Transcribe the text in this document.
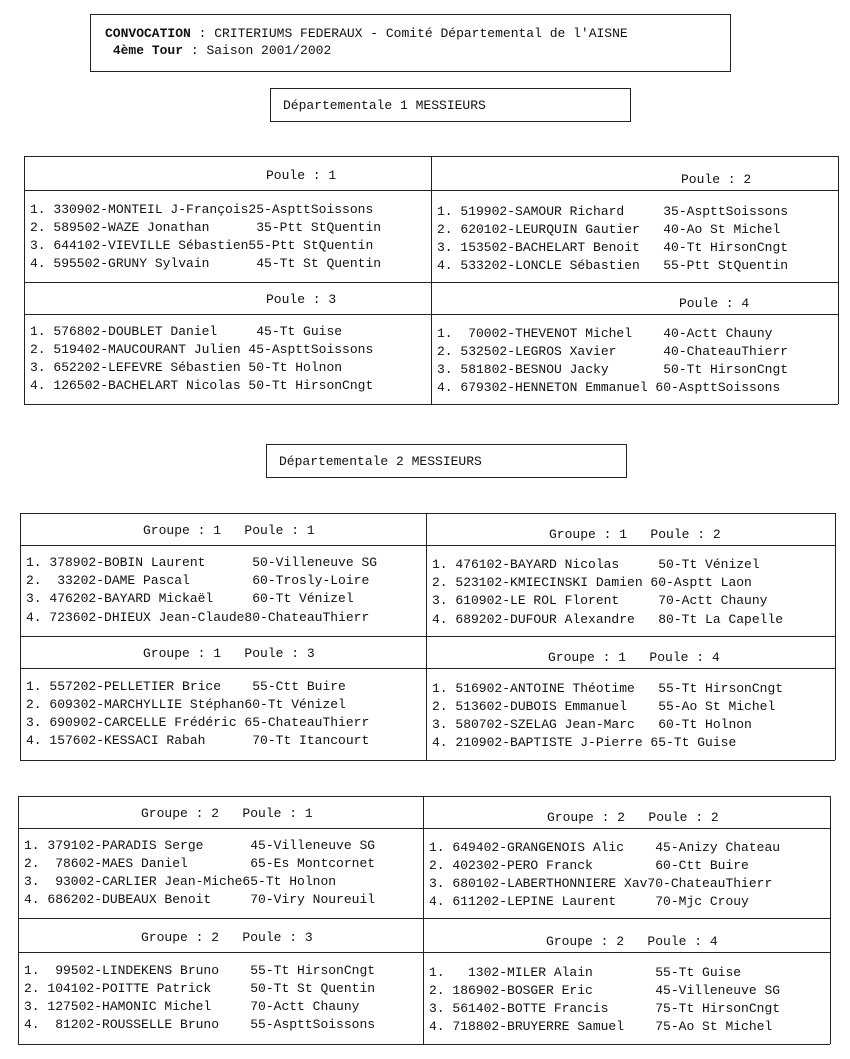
CONVOCATION : CRITERIUMS FEDERAUX - Comité Départemental de l'AISNE
4ème Tour : Saison 2001/2002
Départementale 1 MESSIEURS
Départementale 2 MESSIEURS
Poule : 1	Poule : 2
1. 330902-MONTEIL J-François25-AspttSoissons
2. 589502-WAZE Jonathan      35-Ptt StQuentin
3. 644102-VIEVILLE Sébastien55-Ptt StQuentin
4. 595502-GRUNY Sylvain      45-Tt St Quentin
1. 519902-SAMOUR Richard     35-AspttSoissons
2. 620102-LEURQUIN Gautier   40-Ao St Michel
3. 153502-BACHELART Benoit   40-Tt HirsonCngt
4. 533202-LONCLE Sébastien   55-Ptt StQuentin
Poule : 3	Poule : 4
1. 576802-DOUBLET Daniel     45-Tt Guise
2. 519402-MAUCOURANT Julien 45-AspttSoissons
3. 652202-LEFEVRE Sébastien 50-Tt Holnon
4. 126502-BACHELART Nicolas 50-Tt HirsonCngt
1.  70002-THEVENOT Michel    40-Actt Chauny
2. 532502-LEGROS Xavier      40-ChateauThierr
3. 581802-BESNOU Jacky       50-Tt HirsonCngt
4. 679302-HENNETON Emmanuel 60-AspttSoissons
Groupe : 1   Poule : 1	Groupe : 1   Poule : 2
1. 378902-BOBIN Laurent      50-Villeneuve SG
2.  33202-DAME Pascal        60-Trosly-Loire
3. 476202-BAYARD Mickaël     60-Tt Vénizel
4. 723602-DHIEUX Jean-Claude80-ChateauThierr
1. 476102-BAYARD Nicolas     50-Tt Vénizel
2. 523102-KMIECINSKI Damien 60-Asptt Laon
3. 610902-LE ROL Florent     70-Actt Chauny
4. 689202-DUFOUR Alexandre   80-Tt La Capelle
Groupe : 1   Poule : 3	Groupe : 1   Poule : 4
1. 557202-PELLETIER Brice    55-Ctt Buire
2. 609302-MARCHYLLIE Stéphan60-Tt Vénizel
3. 690902-CARCELLE Frédéric 65-ChateauThierr
4. 157602-KESSACI Rabah      70-Tt Itancourt
1. 516902-ANTOINE Théotime   55-Tt HirsonCngt
2. 513602-DUBOIS Emmanuel    55-Ao St Michel
3. 580702-SZELAG Jean-Marc   60-Tt Holnon
4. 210902-BAPTISTE J-Pierre 65-Tt Guise
Groupe : 2   Poule : 1	Groupe : 2   Poule : 2
1. 379102-PARADIS Serge      45-Villeneuve SG
2.  78602-MAES Daniel        65-Es Montcornet
3.  93002-CARLIER Jean-Miche65-Tt Holnon
4. 686202-DUBEAUX Benoit     70-Viry Noureuil
1. 649402-GRANGENOIS Alic    45-Anizy Chateau
2. 402302-PERO Franck        60-Ctt Buire
3. 680102-LABERTHONNIERE Xav70-ChateauThierr
4. 611202-LEPINE Laurent     70-Mjc Crouy
Groupe : 2   Poule : 3	Groupe : 2   Poule : 4
1.  99502-LINDEKENS Bruno    55-Tt HirsonCngt
2. 104102-POITTE Patrick     50-Tt St Quentin
3. 127502-HAMONIC Michel     70-Actt Chauny
4.  81202-ROUSSELLE Bruno    55-AspttSoissons
1.   1302-MILER Alain        55-Tt Guise
2. 186902-BOSGER Eric        45-Villeneuve SG
3. 561402-BOTTE Francis      75-Tt HirsonCngt
4. 718802-BRUYERRE Samuel    75-Ao St Michel
